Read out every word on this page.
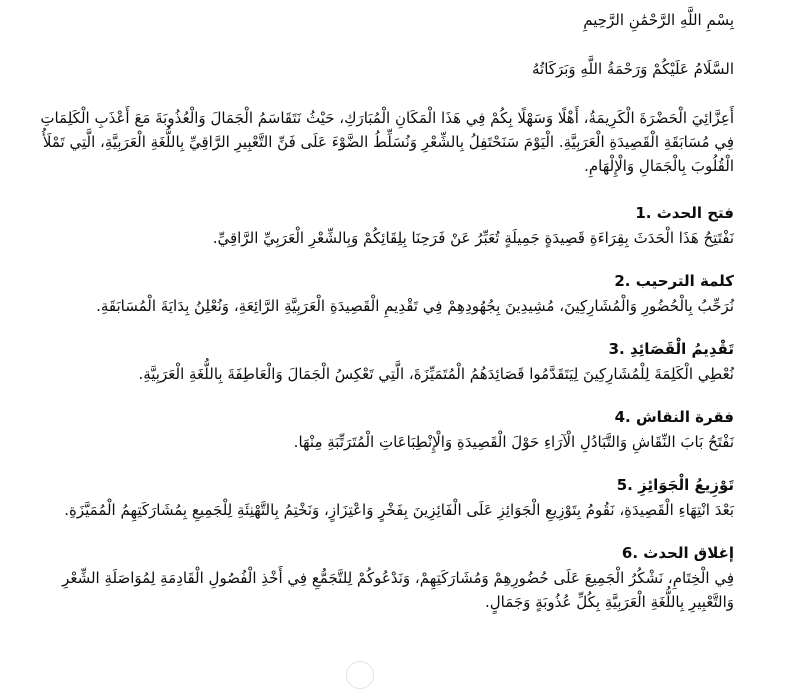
بِسْمِ اللَّهِ الرَّحْمَٰنِ الرَّحِيمِ

السَّلَامُ عَلَيْكُمْ وَرَحْمَةُ اللَّهِ وَبَرَكَاتُهُ

أَعِزَّائِيَ الْحَضْرَةَ الْكَرِيمَةُ، أَهْلًا وَسَهْلًا بِكُمْ فِي هَذَا الْمَكَانِ الْمُبَارَكِ، حَيْثُ نَتَقَاسَمُ الْجَمَالَ وَالْعُذُوبَةَ مَعَ أَعْذَبِ الْكَلِمَاتِ فِي مُسَابَقَةِ الْقَصِيدَةِ الْعَرَبِيَّةِ. الْيَوْمَ سَنَحْتَفِلُ بِالشِّعْرِ وَنُسَلِّطُ الضَّوْءَ عَلَى فَنِّ التَّعْبِيرِ الرَّاقِيِّ بِاللُّغَةِ الْعَرَبِيَّةِ، الَّتِي تَمْلَأُ الْقُلُوبَ بِالْجَمَالِ وَالْإِلْهَامِ.

فتح الحدث 1.

نَفْتَتِحُ هَذَا الْحَدَثَ بِقِرَاءَةِ قَصِيدَةٍ جَمِيلَةٍ تُعَبِّرُ عَنْ فَرَحِنَا بِلِقَائِكُمْ وَبِالشِّعْرِ الْعَرَبِيِّ الرَّاقِيِّ.

كلمة الترحيب 2.

نُرَحِّبُ بِالْحُضُورِ وَالْمُشَارِكِينَ، مُشِيدِينَ بِجُهُودِهِمْ فِي تَقْدِيمِ الْقَصِيدَةِ الْعَرَبِيَّةِ الرَّائِعَةِ، وَنُعْلِنُ بِدَايَةَ الْمُسَابَقَةِ.

تَقْدِيمُ الْقَصَائِدِ 3.

نُعْطِي الْكَلِمَةَ لِلْمُشَارِكِينَ لِيَتَقَدَّمُوا قَصَائِدَهُمُ الْمُتَمَيِّزَةَ، الَّتِي تَعْكِسُ الْجَمَالَ وَالْعَاطِفَةَ بِاللُّغَةِ الْعَرَبِيَّةِ.

فقرة النقاش 4.

نَفْتَحُ بَابَ النِّقَاشِ وَالتَّبَادُلِ الْآرَاءِ حَوْلَ الْقَصِيدَةِ وَالْإِنْطِبَاعَاتِ الْمُتَرَتِّبَةِ مِنْهَا.

تَوْزِيعُ الْجَوَائِزِ 5.

بَعْدَ انْتِهَاءِ الْقَصِيدَةِ، نَقُومُ بِتَوْزِيعِ الْجَوَائِزِ عَلَى الْفَائِزِينَ بِفَخْرٍ وَاعْتِزَازٍ، وَنَخْتِمُ بِالتَّهْنِئَةِ لِلْجَمِيعِ بِمُشَارَكَتِهِمُ الْمُمَيَّزَةِ.

إغلاق الحدث 6.

فِي الْخِتَامِ، نَشْكُرُ الْجَمِيعَ عَلَى حُضُورِهِمْ وَمُشَارَكَتِهِمْ، وَنَدْعُوكُمْ لِلتَّجَمُّعِ فِي أَخْذِ الْفُصُولِ الْقَادِمَةِ لِمُوَاصَلَةِ الشِّعْرِ وَالتَّعْبِيرِ بِاللُّغَةِ الْعَرَبِيَّةِ بِكُلِّ عُذُوبَةٍ وَجَمَالٍ.
